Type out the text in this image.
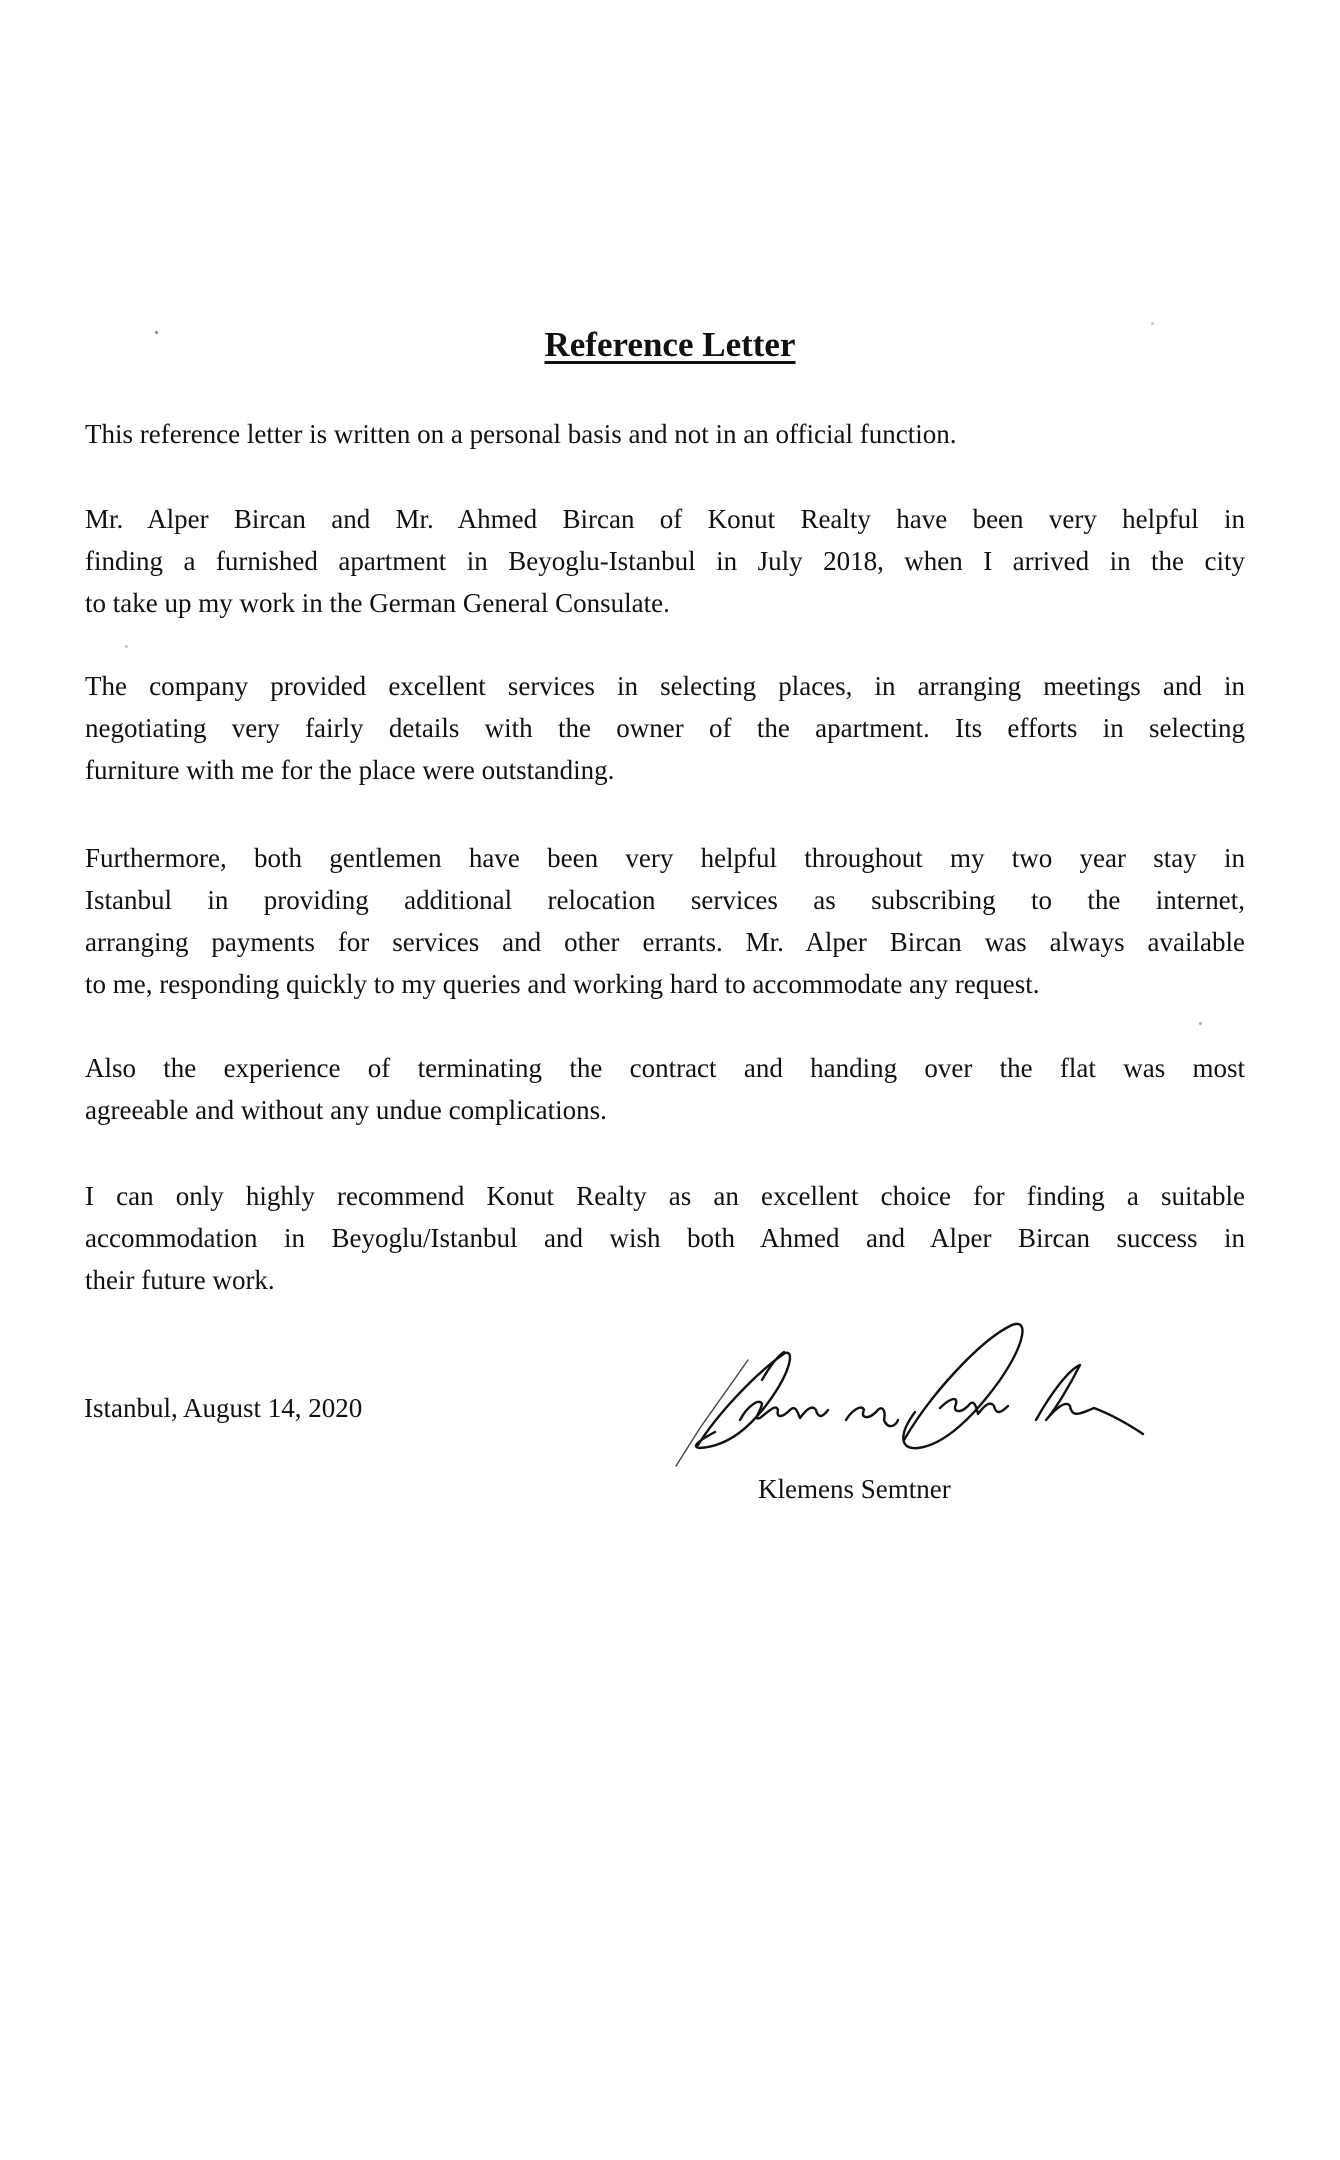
Reference Letter
This reference letter is written on a personal basis and not in an official function.
Mr. Alper Bircan and Mr. Ahmed Bircan of Konut Realty have been very helpful in
finding a furnished apartment in Beyoglu-Istanbul in July 2018, when I arrived in the city
to take up my work in the German General Consulate.
The company provided excellent services in selecting places, in arranging meetings and in
negotiating very fairly details with the owner of the apartment. Its efforts in selecting
furniture with me for the place were outstanding.
Furthermore, both gentlemen have been very helpful throughout my two year stay in
Istanbul in providing additional relocation services as subscribing to the internet,
arranging payments for services and other errants. Mr. Alper Bircan was always available
to me, responding quickly to my queries and working hard to accommodate any request.
Also the experience of terminating the contract and handing over the flat was most
agreeable and without any undue complications.
I can only highly recommend Konut Realty as an excellent choice for finding a suitable
accommodation in Beyoglu/Istanbul and wish both Ahmed and Alper Bircan success in
their future work.
Istanbul, August 14, 2020
Klemens Semtner
